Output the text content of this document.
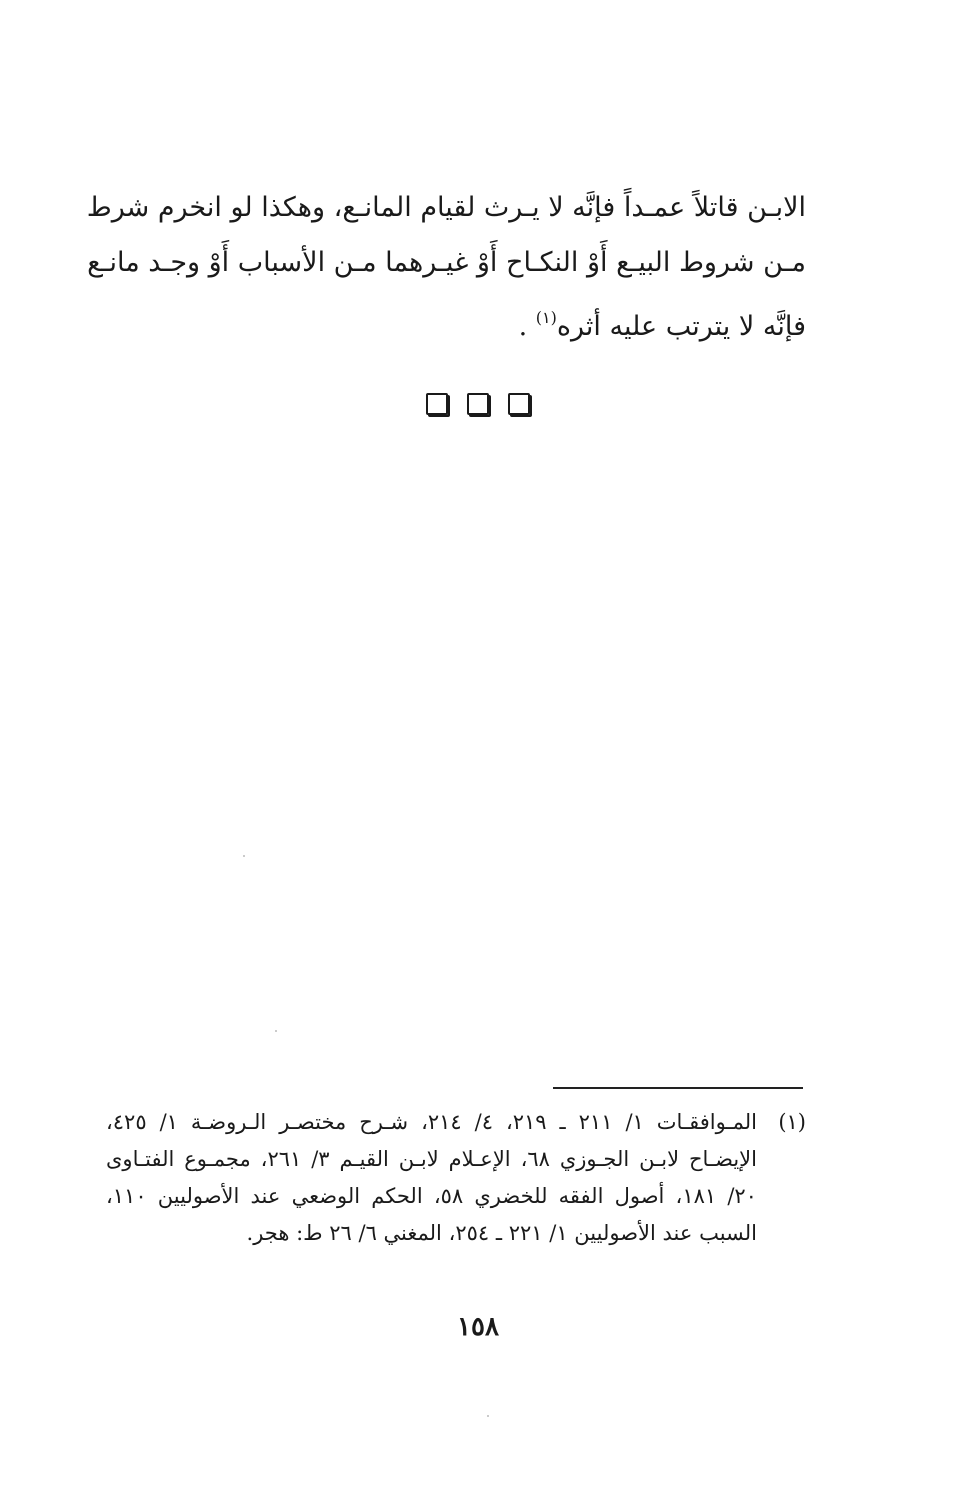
الابـن قاتلاً عمـداً فإنَّه لا يـرث لقيام المانـع، وهكذا لو انخرم شرط
مـن شروط البيـع أَوْ النكـاح أَوْ غيـرهما مـن الأسباب أَوْ وجـد مانـع
فإنَّه لا يترتب عليه أثره$^{(١)}$ .

(١)
المـوافقـات ١/ ٢١١ ـ ٢١٩، ٤/ ٢١٤، شـرح مختصـر الـروضـة ١/ ٤٢٥،
الإيضـاح لابـن الجـوزي ٦٨، الإعـلام لابـن القيـم ٣/ ٢٦١، مجمـوع الفتـاوى
٢٠/ ١٨١، أصول الفقه للخضري ٥٨، الحكم الوضعي عند الأصوليين ١١٠،
السبب عند الأصوليين ١/ ٢٢١ ـ ٢٥٤، المغني ٦/ ٢٦ ط: هجر.
١٥٨
